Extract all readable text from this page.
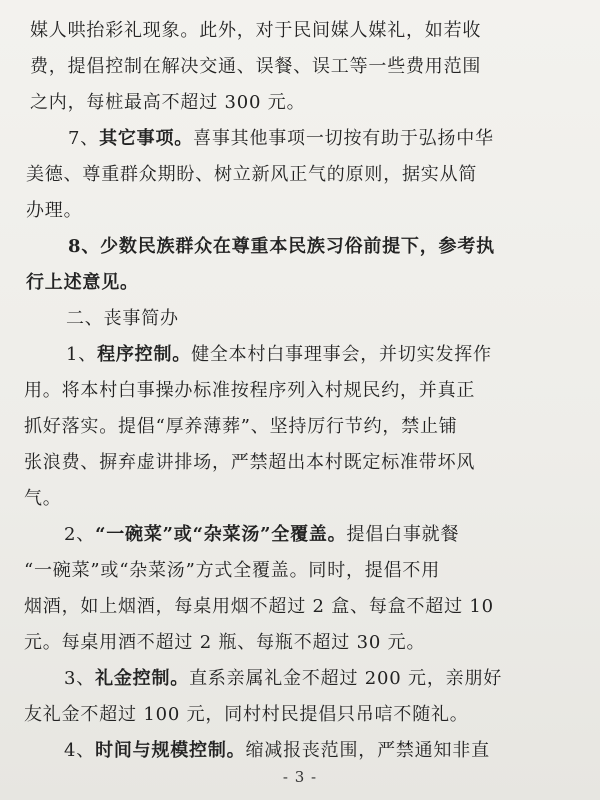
- 3 -
媒人哄抬彩礼现象。此外，对于民间媒人媒礼，如若收
费，提倡控制在解决交通、误餐、误工等一些费用范围
之内，每桩最高不超过 300 元。
7、其它事项。喜事其他事项一切按有助于弘扬中华
美德、尊重群众期盼、树立新风正气的原则，据实从简
办理。
8、少数民族群众在尊重本民族习俗前提下，参考执
行上述意见。
二、丧事简办
1、程序控制。健全本村白事理事会，并切实发挥作
用。将本村白事操办标准按程序列入村规民约，并真正
抓好落实。提倡“厚养薄葬”、坚持厉行节约，禁止铺
张浪费、摒弃虚讲排场，严禁超出本村既定标准带坏风
气。
2、“一碗菜”或“杂菜汤”全覆盖。提倡白事就餐
“一碗菜”或“杂菜汤”方式全覆盖。同时，提倡不用
烟酒，如上烟酒，每桌用烟不超过 2 盒、每盒不超过 10
元。每桌用酒不超过 2 瓶、每瓶不超过 30 元。
3、礼金控制。直系亲属礼金不超过 200 元，亲朋好
友礼金不超过 100 元，同村村民提倡只吊唁不随礼。
4、时间与规模控制。缩减报丧范围，严禁通知非直
